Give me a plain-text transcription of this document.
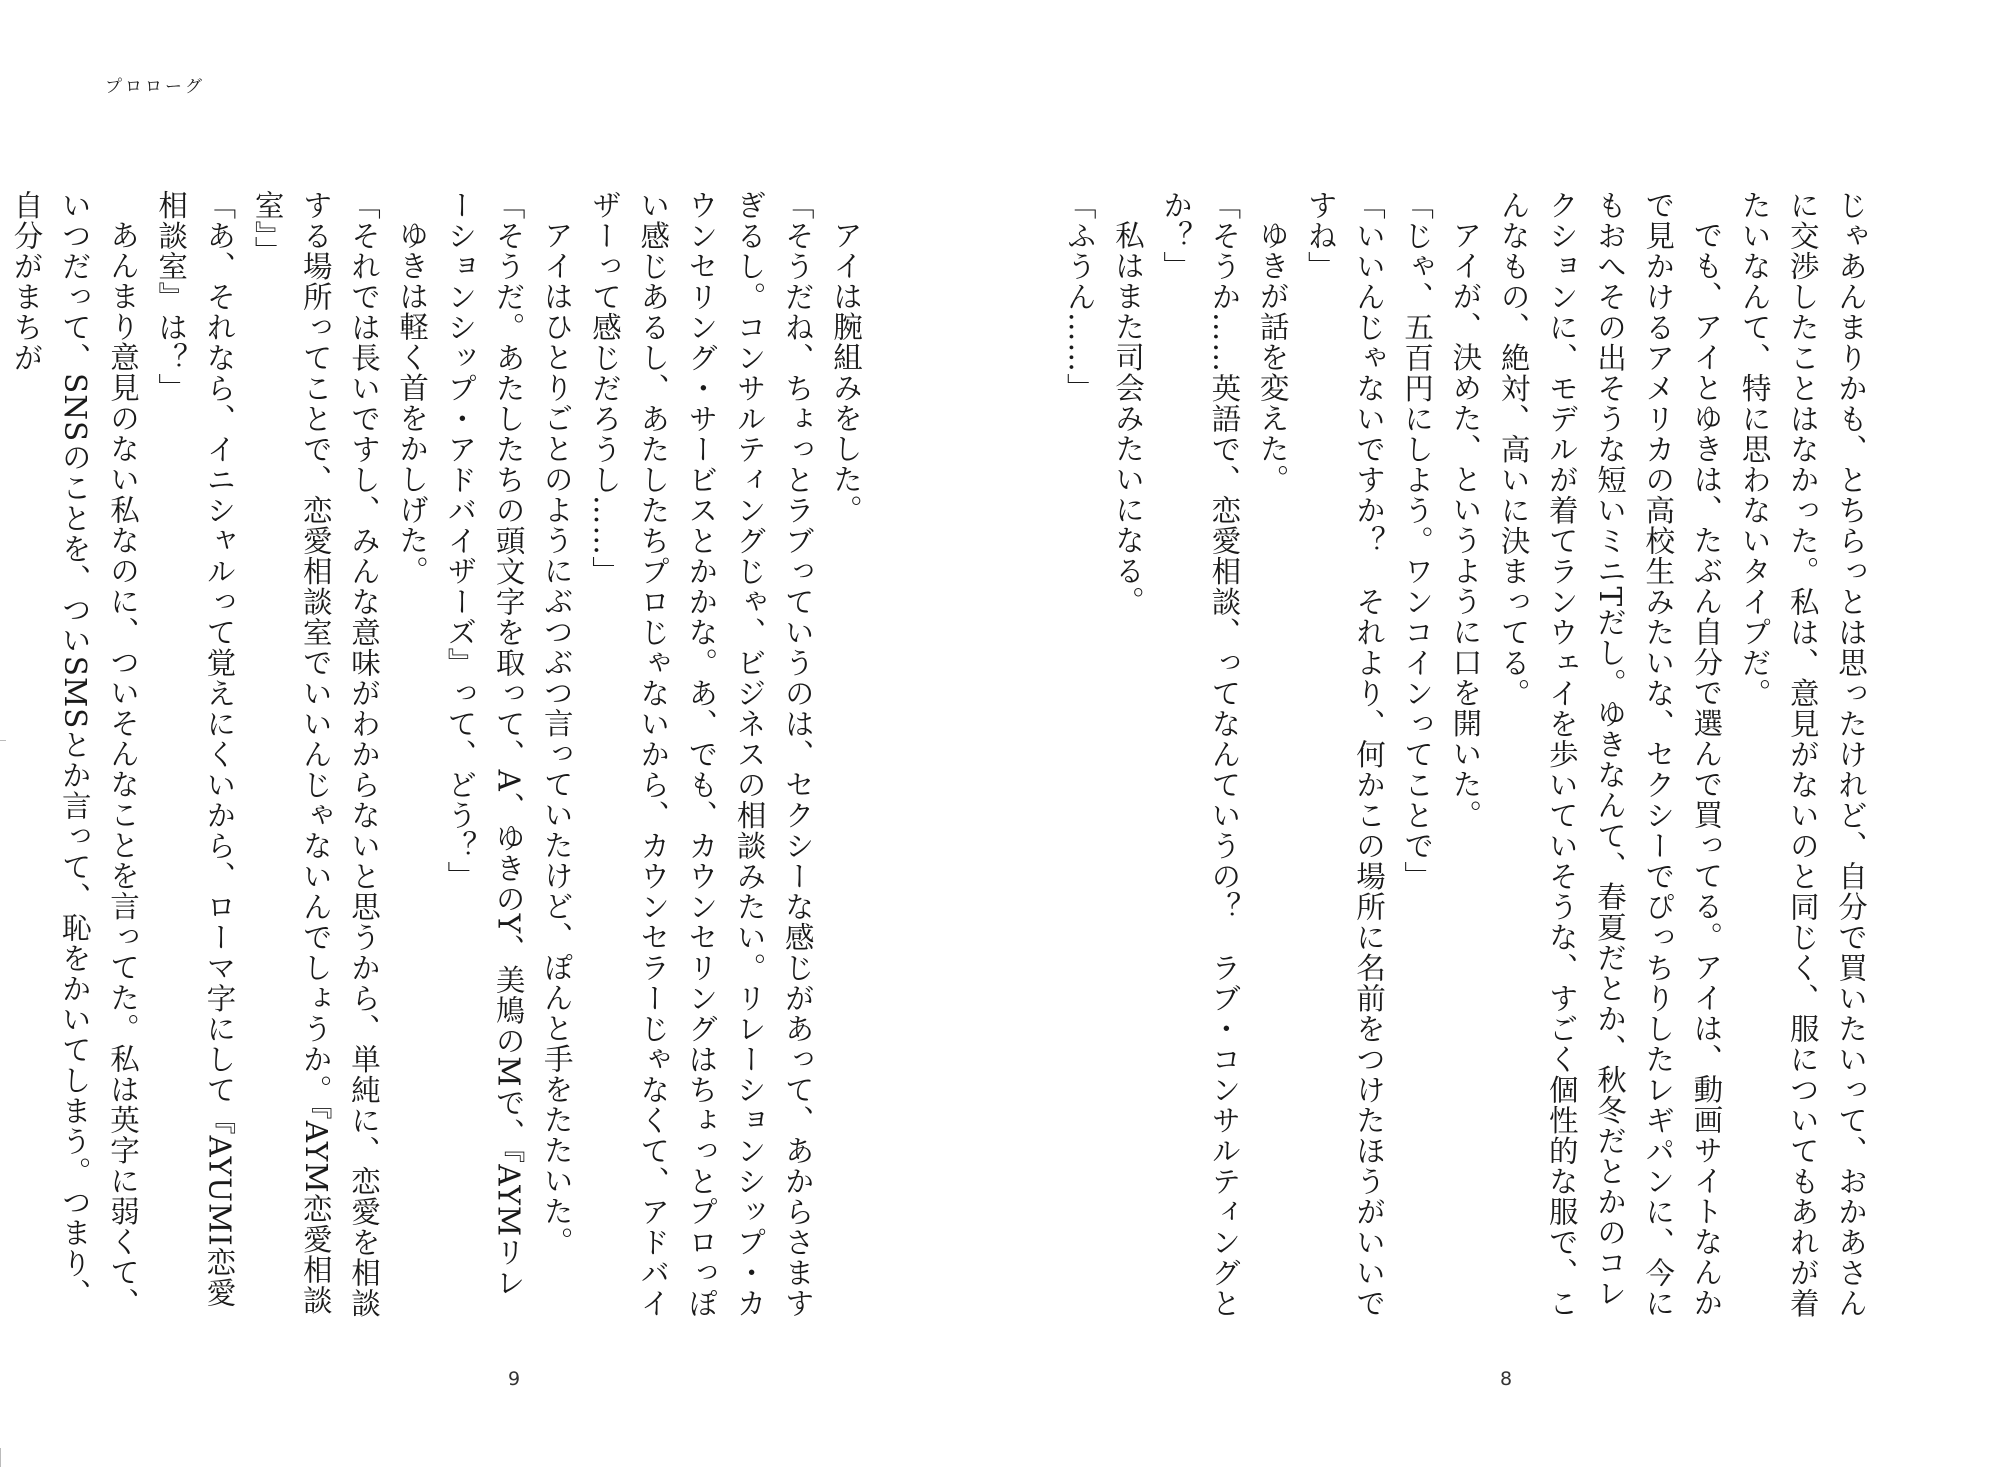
プロローグ

じゃあんまりかも、とちらっとは思ったけれど、自分で買いたいって、おかあさんに交渉したことはなかった。私は、意見がないのと同じく、服についてもあれが着たいなんて、特に思わないタイプだ。

でも、アイとゆきは、たぶん自分で選んで買ってる。アイは、動画サイトなんかで見かけるアメリカの高校生みたいな、セクシーでぴっちりしたレギパンに、今にもおへその出そうな短いミニTだし。ゆきなんて、春夏だとか、秋冬だとかのコレクションに、モデルが着てランウェイを歩いていそうな、すごく個性的な服で、こんなもの、絶対、高いに決まってる。

アイが、決めた、というように口を開いた。

「じゃ、五百円にしよう。ワンコインってことで」

「いいんじゃないですか？　それより、何かこの場所に名前をつけたほうがいいですね」

ゆきが話を変えた。

「そうか……英語で、恋愛相談、ってなんていうの？　ラブ・コンサルティングとか？」

私はまた司会みたいになる。

「ふうん……」

アイは腕組みをした。

「そうだね、ちょっとラブっていうのは、セクシーな感じがあって、あからさますぎるし。コンサルティングじゃ、ビジネスの相談みたい。リレーションシップ・カウンセリング・サービスとかかな。あ、でも、カウンセリングはちょっとプロっぽい感じあるし、あたしたちプロじゃないから、カウンセラーじゃなくて、アドバイザーって感じだろうし……」

アイはひとりごとのようにぶつぶつ言っていたけど、ぽんと手をたたいた。

「そうだ。あたしたちの頭文字を取って、A、ゆきのY、美鳩のMで、『AYMリレーションシップ・アドバイザーズ』って、どう？」

ゆきは軽く首をかしげた。

「それでは長いですし、みんな意味がわからないと思うから、単純に、恋愛を相談する場所ってことで、恋愛相談室でいいんじゃないんでしょうか。『AYM恋愛相談室』」

「あ、それなら、イニシャルって覚えにくいから、ローマ字にして『AYUMI恋愛相談室』は？」

あんまり意見のない私なのに、ついそんなことを言ってた。私は英字に弱くて、いつだって、SNSのことを、ついSMSとか言って、恥をかいてしまう。つまり、自分がまちが

9	8
